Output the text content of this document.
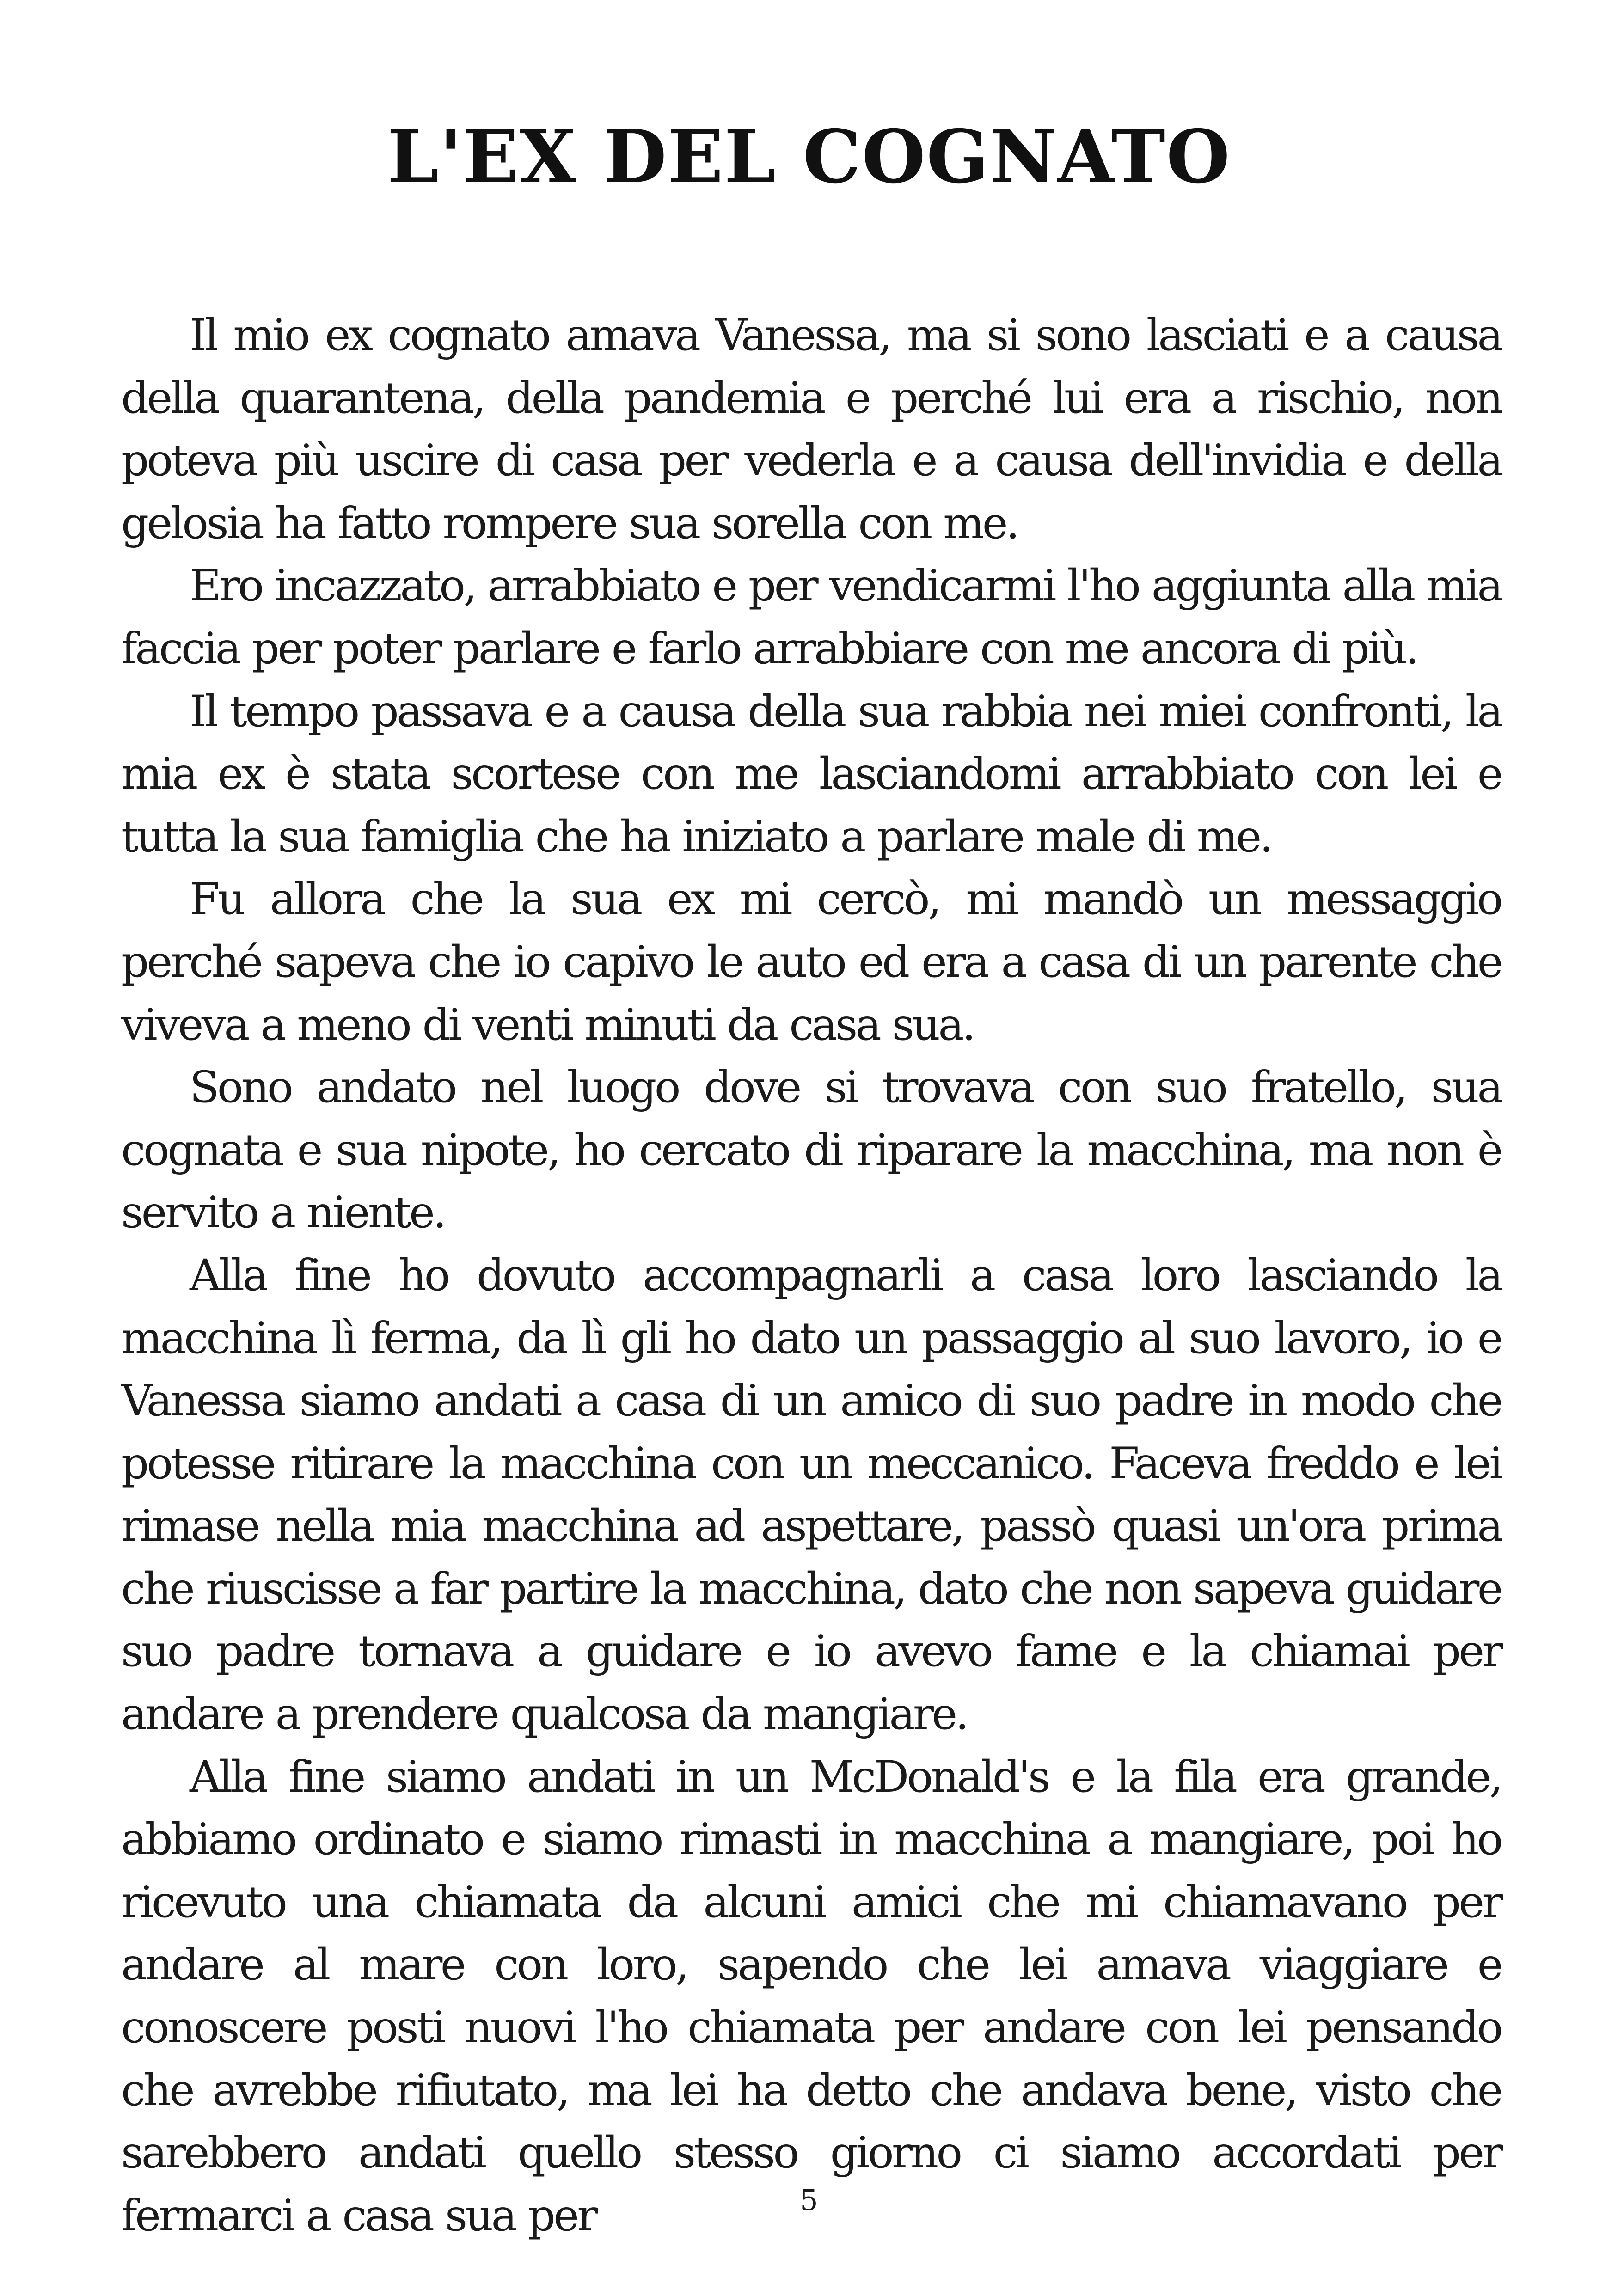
L'EX DEL COGNATO

Il mio ex cognato amava Vanessa, ma si sono lasciati e a causa della quarantena, della pandemia e perché lui era a rischio, non poteva più uscire di casa per vederla e a causa dell'invidia e della gelosia ha fatto rompere sua sorella con me.

Ero incazzato, arrabbiato e per vendicarmi l'ho aggiunta alla mia faccia per poter parlare e farlo arrabbiare con me ancora di più.

Il tempo passava e a causa della sua rabbia nei miei confronti, la mia ex è stata scortese con me lasciandomi arrabbiato con lei e tutta la sua famiglia che ha iniziato a parlare male di me.

Fu allora che la sua ex mi cercò, mi mandò un messaggio perché sapeva che io capivo le auto ed era a casa di un parente che viveva a meno di venti minuti da casa sua.

Sono andato nel luogo dove si trovava con suo fratello, sua cognata e sua nipote, ho cercato di riparare la macchina, ma non è servito a niente.

Alla fine ho dovuto accompagnarli a casa loro lasciando la macchina lì ferma, da lì gli ho dato un passaggio al suo lavoro, io e Vanessa siamo andati a casa di un amico di suo padre in modo che potesse ritirare la macchina con un meccanico. Faceva freddo e lei rimase nella mia macchina ad aspettare, passò quasi un'ora prima che riuscisse a far partire la macchina, dato che non sapeva guidare suo padre tornava a guidare e io avevo fame e la chiamai per andare a prendere qualcosa da mangiare.

Alla fine siamo andati in un McDonald's e la fila era grande, abbiamo ordinato e siamo rimasti in macchina a mangiare, poi ho ricevuto una chiamata da alcuni amici che mi chiamavano per andare al mare con loro, sapendo che lei amava viaggiare e conoscere posti nuovi l'ho chiamata per andare con lei pensando che avrebbe rifiutato, ma lei ha detto che andava bene, visto che sarebbero andati quello stesso giorno ci siamo accordati per fermarci a casa sua per	5
